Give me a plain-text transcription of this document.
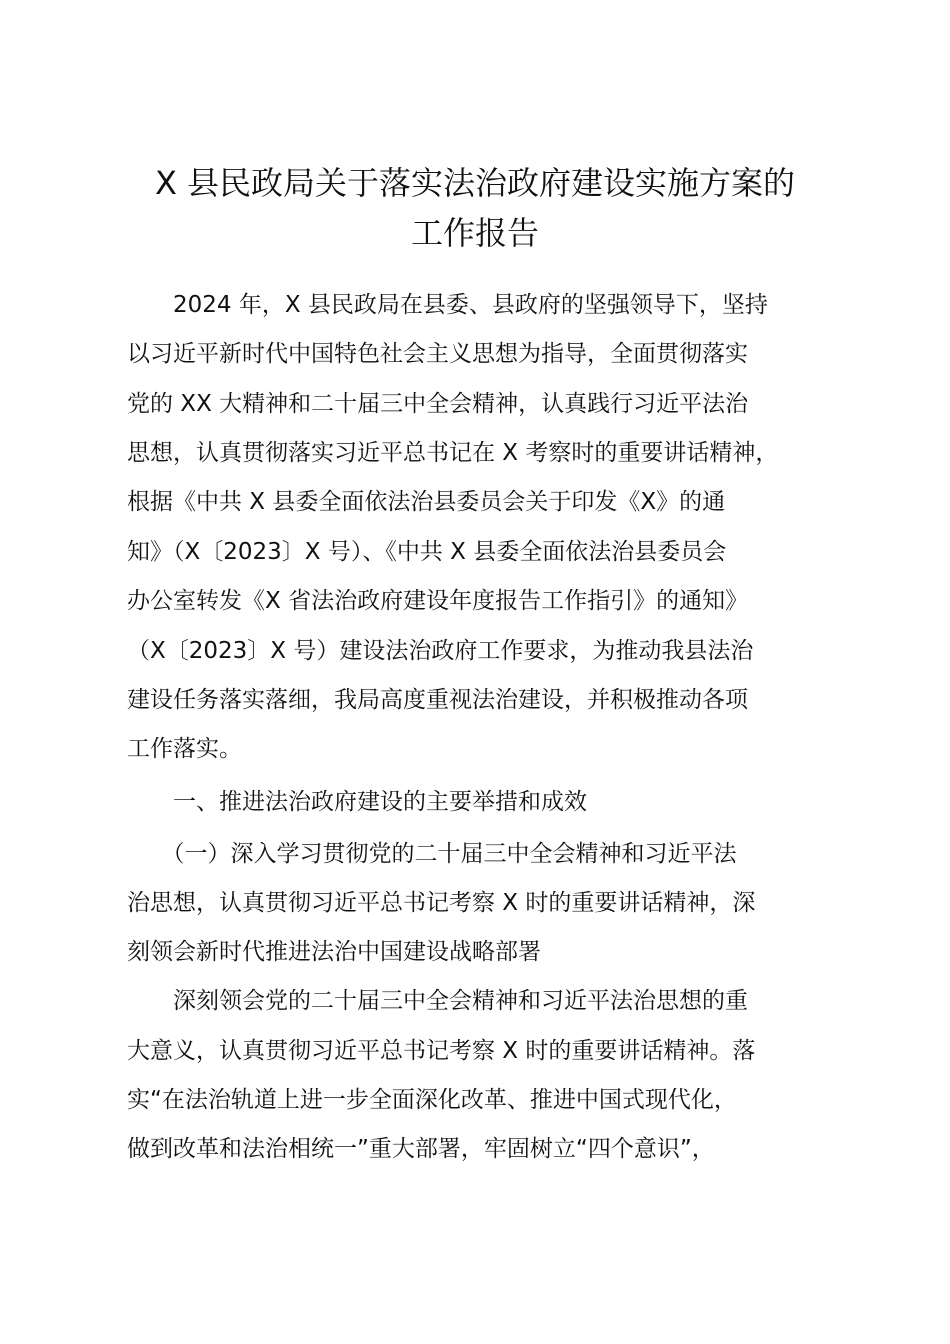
X 县民政局关于落实法治政府建设实施方案的
工作报告

　　2024 年，X 县民政局在县委、县政府的坚强领导下，坚持

以习近平新时代中国特色社会主义思想为指导，全面贯彻落实

党的 XX 大精神和二十届三中全会精神，认真践行习近平法治

思想，认真贯彻落实习近平总书记在 X 考察时的重要讲话精神，

根据《中共 X 县委全面依法治县委员会关于印发《X》的通

知》（X〔2023〕X 号）、《中共 X 县委全面依法治县委员会

办公室转发《X 省法治政府建设年度报告工作指引》的通知》

（X〔2023〕X 号）建设法治政府工作要求，为推动我县法治

建设任务落实落细，我局高度重视法治建设，并积极推动各项

工作落实。

　　一、推进法治政府建设的主要举措和成效

　　（一）深入学习贯彻党的二十届三中全会精神和习近平法

治思想，认真贯彻习近平总书记考察 X 时的重要讲话精神，深

刻领会新时代推进法治中国建设战略部署

　　深刻领会党的二十届三中全会精神和习近平法治思想的重

大意义，认真贯彻习近平总书记考察 X 时的重要讲话精神。落

实“在法治轨道上进一步全面深化改革、推进中国式现代化，

做到改革和法治相统一”重大部署，牢固树立“四个意识”，
